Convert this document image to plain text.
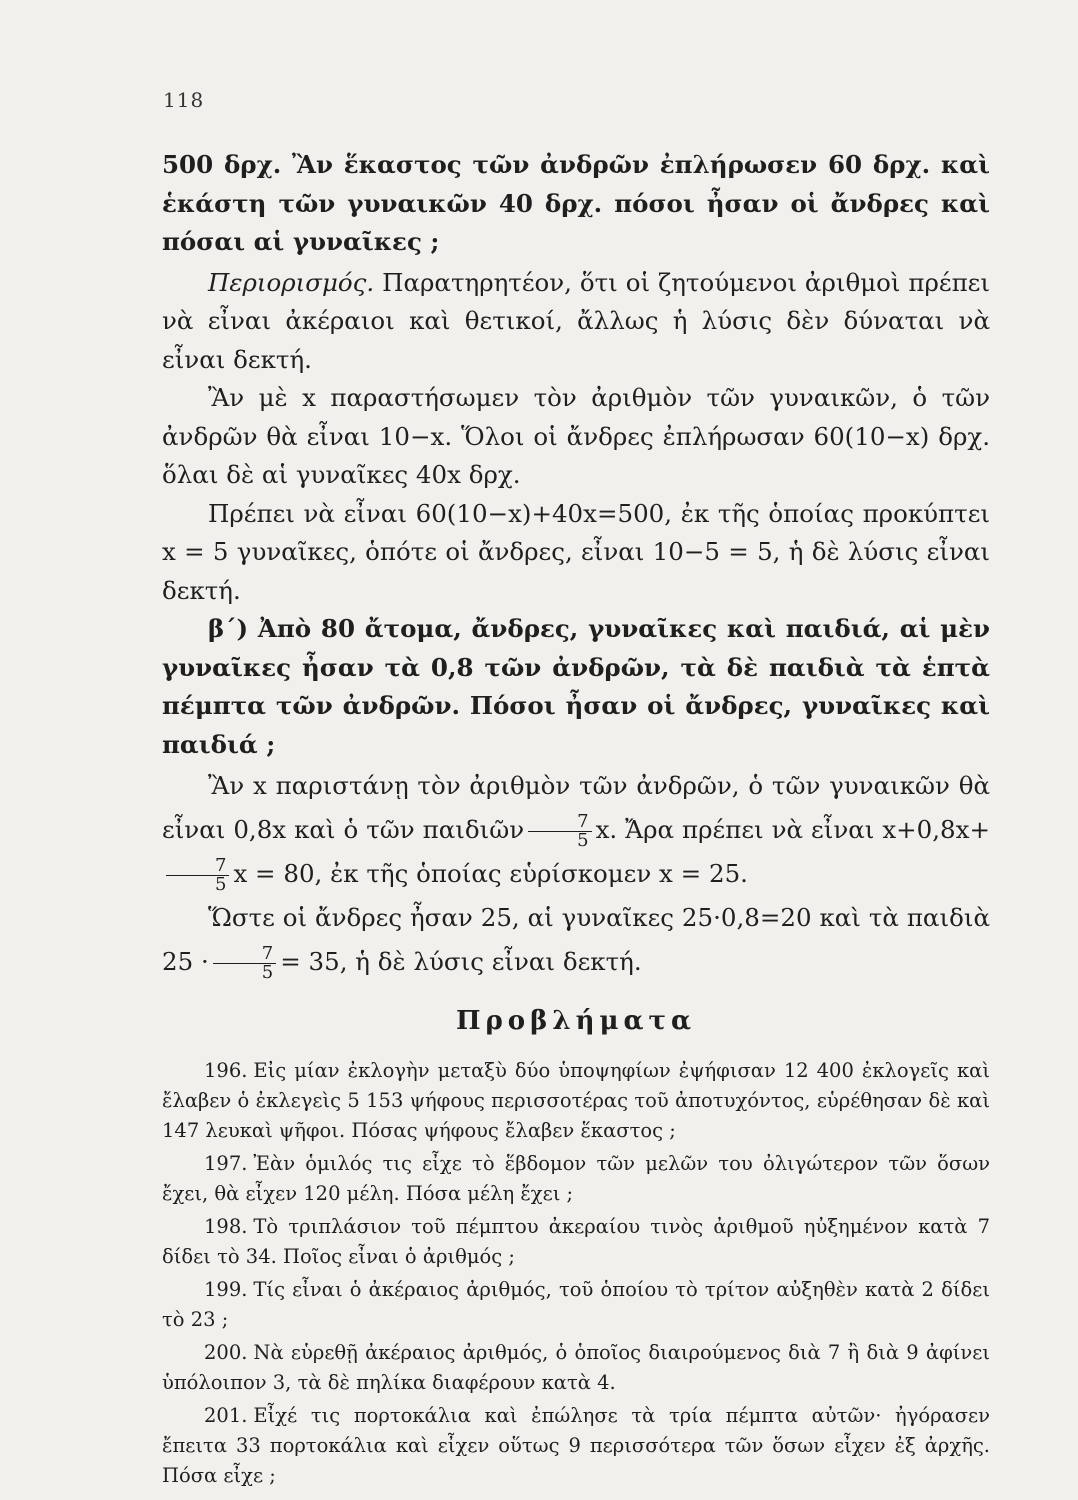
118

500 δρχ. Ἂν ἕκαστος τῶν ἀνδρῶν ἐπλήρωσεν 60 δρχ. καὶ ἑκάστη τῶν γυναικῶν 40 δρχ. πόσοι ἦσαν οἱ ἄνδρες καὶ πόσαι αἱ γυναῖκες ;

Περιορισμός. Παρατηρητέον, ὅτι οἱ ζητούμενοι ἀριθμοὶ πρέπει νὰ εἶναι ἀκέραιοι καὶ θετικοί, ἄλλως ἡ λύσις δὲν δύναται νὰ εἶναι δεκτή.

Ἂν μὲ x παραστήσωμεν τὸν ἀριθμὸν τῶν γυναικῶν, ὁ τῶν ἀνδρῶν θὰ εἶναι 10−x. Ὅλοι οἱ ἄνδρες ἐπλήρωσαν 60(10−x) δρχ. ὅλαι δὲ αἱ γυναῖκες 40x δρχ.

Πρέπει νὰ εἶναι 60(10−x)+40x=500, ἐκ τῆς ὁποίας προκύπτει x = 5 γυναῖκες, ὁπότε οἱ ἄνδρες, εἶναι 10−5 = 5, ἡ δὲ λύσις εἶναι δεκτή.

β΄) Ἀπὸ 80 ἄτομα, ἄνδρες, γυναῖκες καὶ παιδιά, αἱ μὲν γυναῖκες ἦσαν τὰ 0,8 τῶν ἀνδρῶν, τὰ δὲ παιδιὰ τὰ ἑπτὰ πέμπτα τῶν ἀνδρῶν. Πόσοι ἦσαν οἱ ἄνδρες, γυναῖκες καὶ παιδιά ;

Ἂν x παριστάνῃ τὸν ἀριθμὸν τῶν ἀνδρῶν, ὁ τῶν γυναικῶν θὰ εἶναι 0,8x καὶ ὁ τῶν παιδιῶν $\frac{7}{5} x$. Ἄρα πρέπει νὰ εἶναι x+0,8x+
$\frac{7}{5}$ x = 80, ἐκ τῆς ὁποίας εὑρίσκομεν x = 25.

Ὥστε οἱ ἄνδρες ἦσαν 25, αἱ γυναῖκες 25·0,8=20 καὶ τὰ παιδιὰ $25 \cdot \frac{7}{5} = 35$, ἡ δὲ λύσις εἶναι δεκτή.

Προβλήματα

196. Εἰς μίαν ἐκλογὴν μεταξὺ δύο ὑποψηφίων ἐψήφισαν 12 400 ἐκλογεῖς καὶ ἔλαβεν ὁ ἐκλεγεὶς 5 153 ψήφους περισσοτέρας τοῦ ἀποτυχόντος, εὑρέθησαν δὲ καὶ 147 λευκαὶ ψῆφοι. Πόσας ψήφους ἔλαβεν ἕκαστος ;

197. Ἐὰν ὁμιλός τις εἶχε τὸ ἕβδομον τῶν μελῶν του ὀλιγώτερον τῶν ὅσων ἔχει, θὰ εἶχεν 120 μέλη. Πόσα μέλη ἔχει ;

198. Τὸ τριπλάσιον τοῦ πέμπτου ἀκεραίου τινὸς ἀριθμοῦ ηὐξημένον κατὰ 7 δίδει τὸ 34. Ποῖος εἶναι ὁ ἀριθμός ;

199. Τίς εἶναι ὁ ἀκέραιος ἀριθμός, τοῦ ὁποίου τὸ τρίτον αὐξηθὲν κατὰ 2 δίδει τὸ 23 ;

200. Νὰ εὑρεθῇ ἀκέραιος ἀριθμός, ὁ ὁποῖος διαιρούμενος διὰ 7 ἢ διὰ 9 ἀφίνει ὑπόλοιπον 3, τὰ δὲ πηλίκα διαφέρουν κατὰ 4.

201. Εἶχέ τις πορτοκάλια καὶ ἐπώλησε τὰ τρία πέμπτα αὐτῶν· ἠγόρασεν ἔπειτα 33 πορτοκάλια καὶ εἶχεν οὕτως 9 περισσότερα τῶν ὅσων εἶχεν ἐξ ἀρχῆς. Πόσα εἶχε ;
